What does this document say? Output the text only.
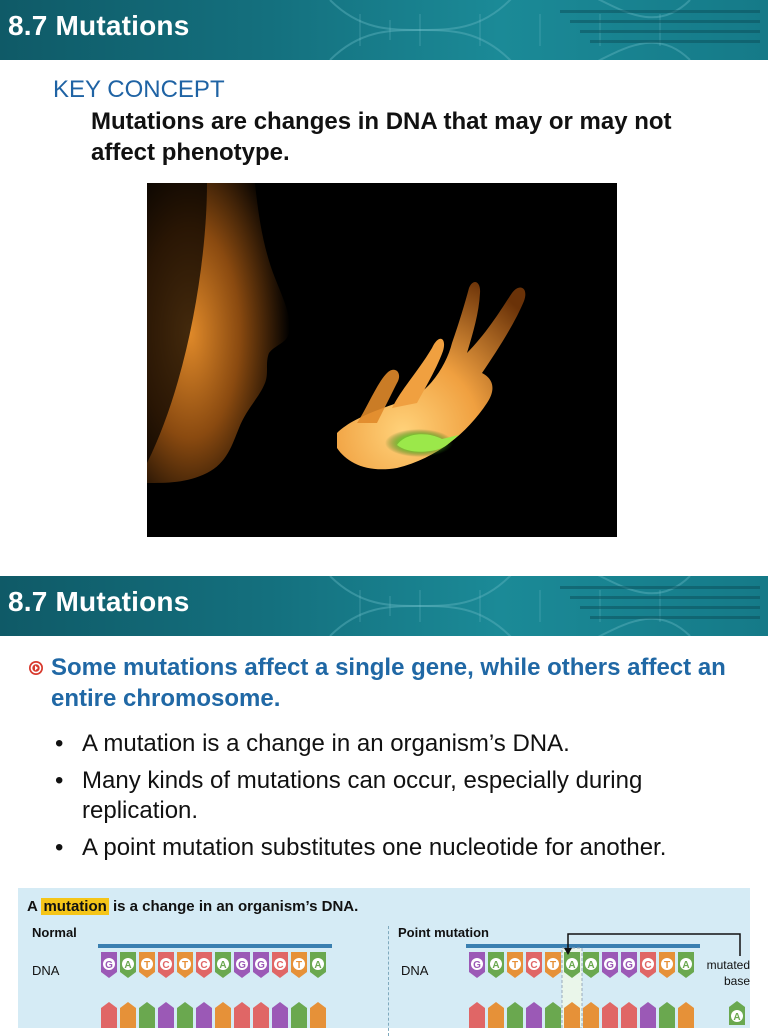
8.7 Mutations
KEY CONCEPT
Mutations are changes in DNA that may or may not affect phenotype.
8.7 Mutations
Some mutations affect a single gene, while others affect an entire chromosome.
• A mutation is a change in an organism’s DNA.
• Many kinds of mutations can occur, especially during replication.
• A point mutation substitutes one nucleotide for another.
A mutation is a change in an organism’s DNA.
Normal	Point mutation
DNA	DNA
G A T C T C A G G C T A	G A T C T A A G G C T A	mutated
base
A
